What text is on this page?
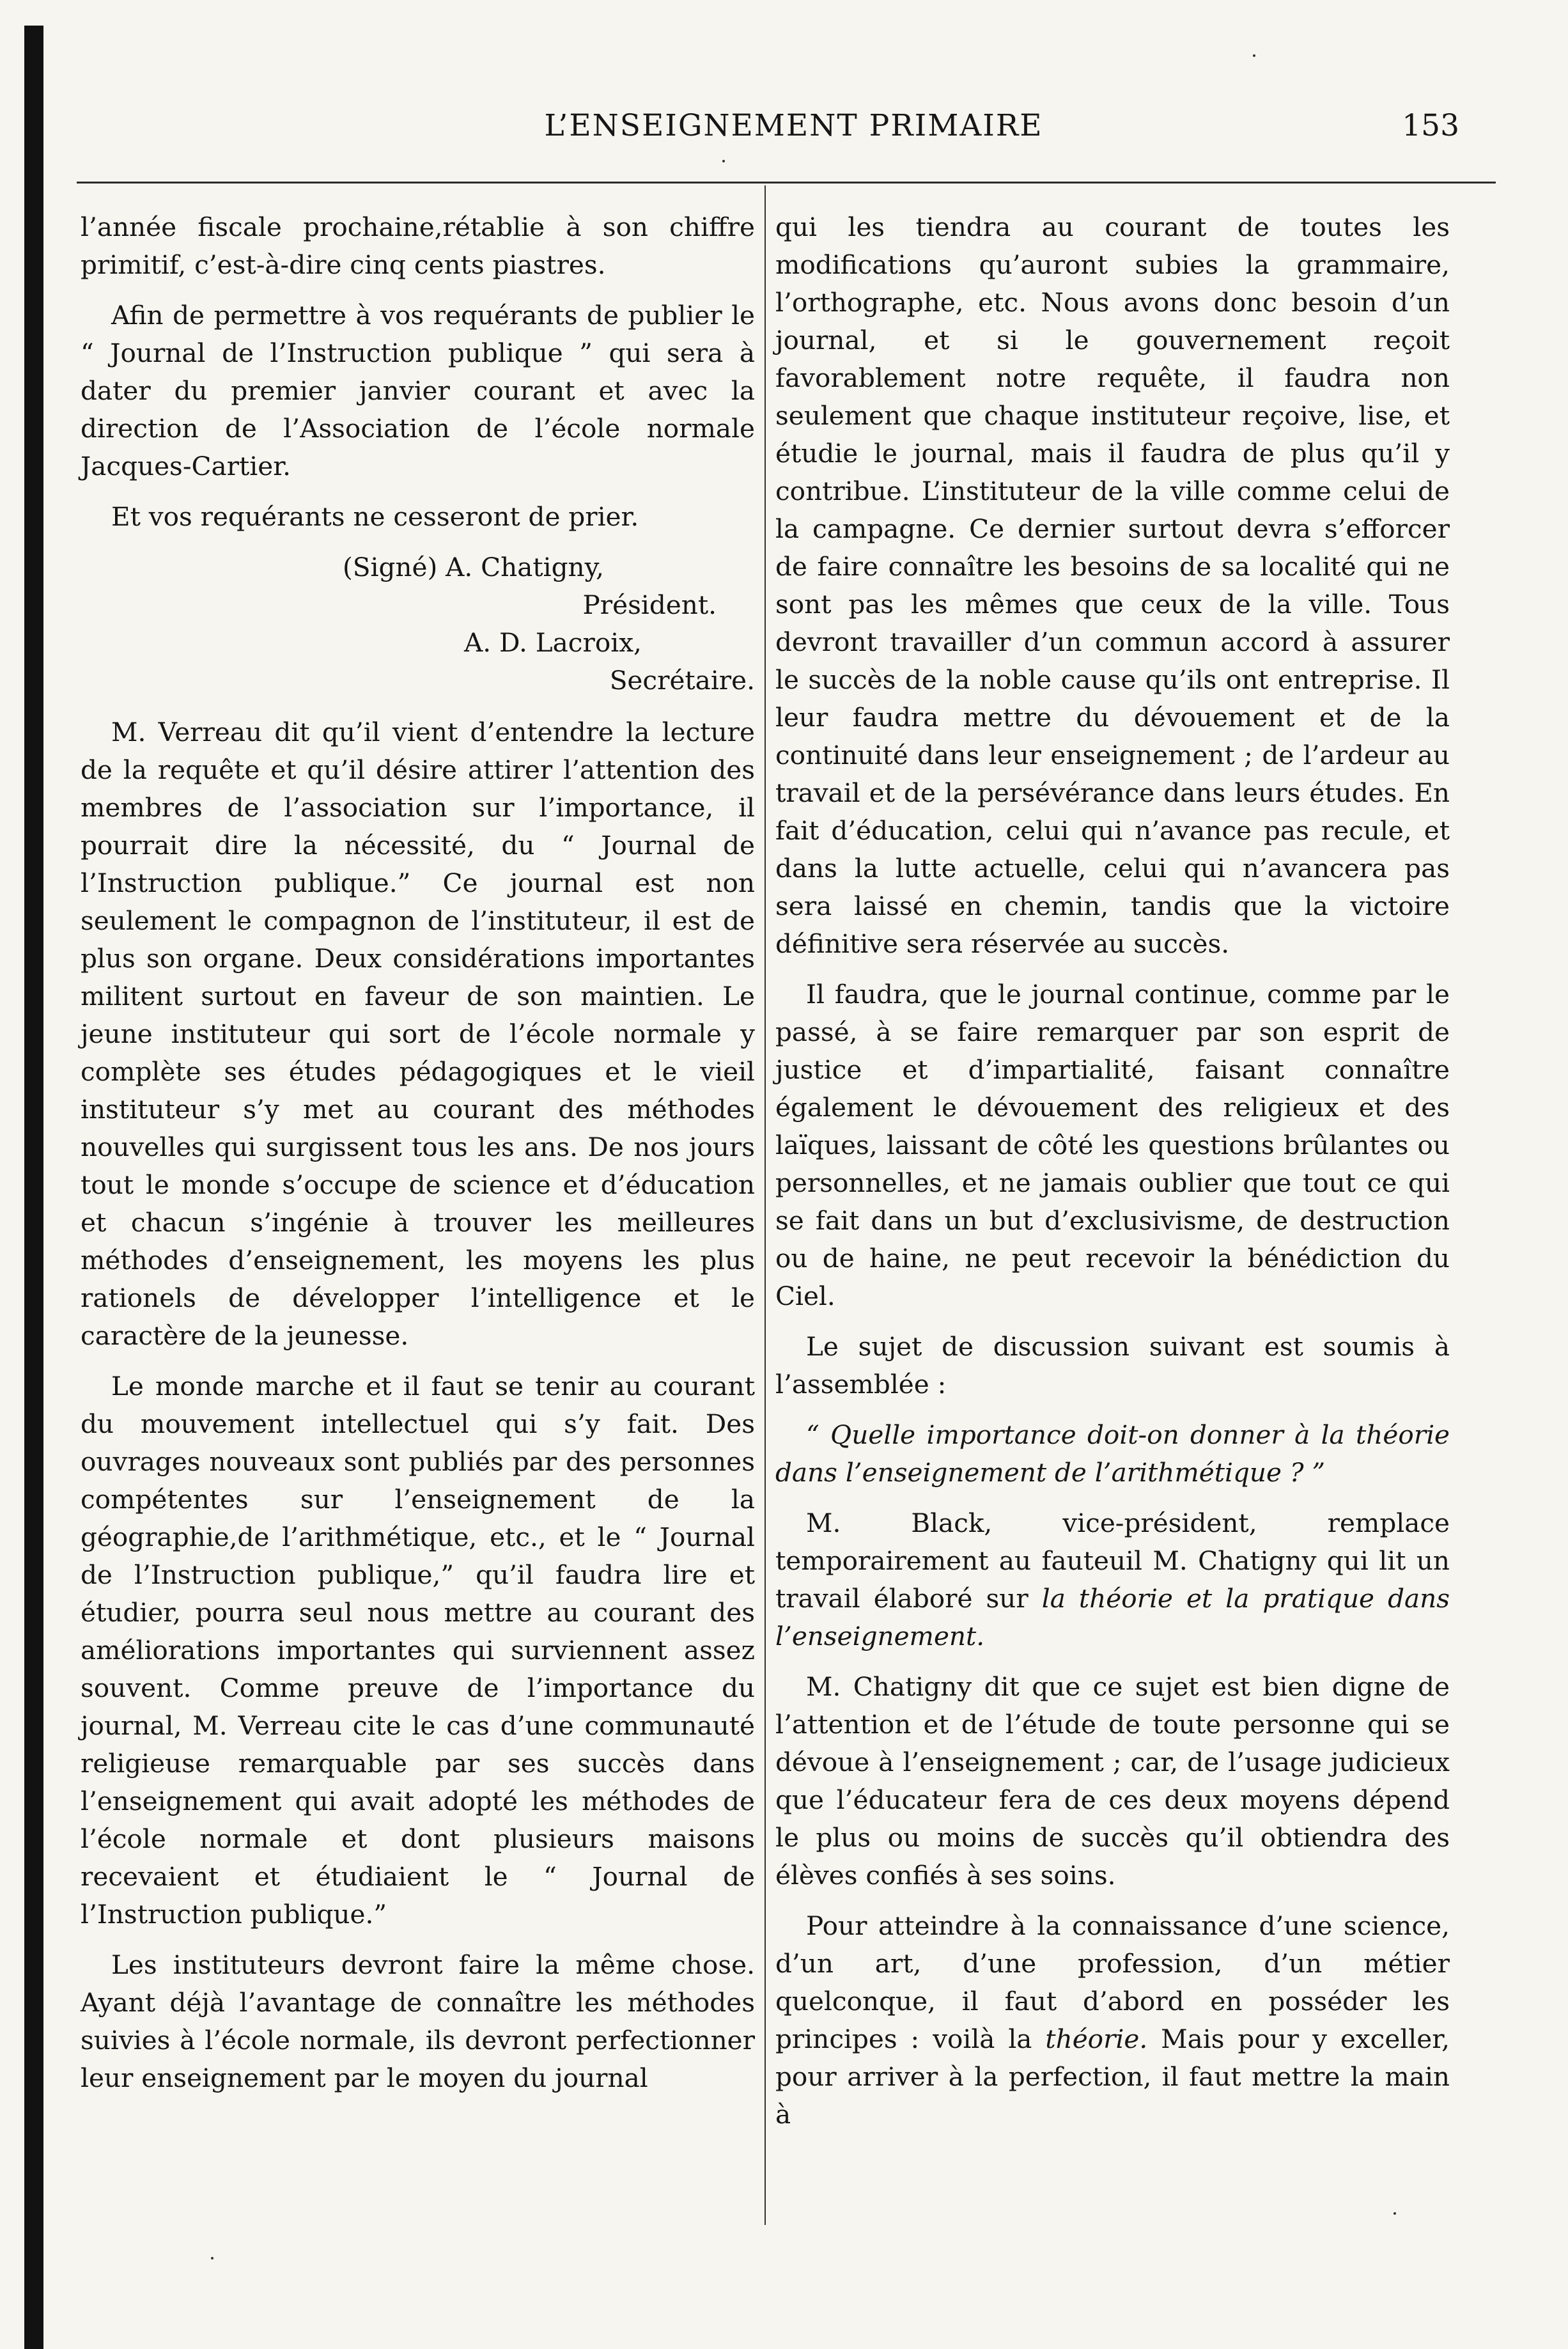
L’ENSEIGNEMENT PRIMAIRE	153

l’année fiscale prochaine,rétablie à son chiffre primitif, c’est-à-dire cinq cents piastres.

Afin de permettre à vos requérants de publier le “ Journal de l’Instruction publique ” qui sera à dater du premier janvier courant et avec la direction de l’Association de l’école normale Jacques-Cartier.

Et vos requérants ne cesseront de prier.

(Signé) A. Chatigny,
Président.
A. D. Lacroix,
Secrétaire.

M. Verreau dit qu’il vient d’entendre la lecture de la requête et qu’il désire attirer l’attention des membres de l’association sur l’importance, il pourrait dire la nécessité, du “ Journal de l’Instruction publique.” Ce journal est non seulement le compagnon de l’instituteur, il est de plus son organe. Deux considérations importantes militent surtout en faveur de son maintien. Le jeune instituteur qui sort de l’école normale y complète ses études pédagogiques et le vieil instituteur s’y met au courant des méthodes nouvelles qui surgissent tous les ans. De nos jours tout le monde s’occupe de science et d’éducation et chacun s’ingénie à trouver les meilleures méthodes d’enseignement, les moyens les plus rationels de développer l’intelligence et le caractère de la jeunesse.

Le monde marche et il faut se tenir au courant du mouvement intellectuel qui s’y fait. Des ouvrages nouveaux sont publiés par des personnes compétentes sur l’enseignement de la géographie,de l’arithmétique, etc., et le “ Journal de l’Instruction publique,” qu’il faudra lire et étudier, pourra seul nous mettre au courant des améliorations importantes qui surviennent assez souvent. Comme preuve de l’importance du journal, M. Verreau cite le cas d’une communauté religieuse remarquable par ses succès dans l’enseignement qui avait adopté les méthodes de l’école normale et dont plusieurs maisons recevaient et étudiaient le “ Journal de l’Instruction publique.”

Les instituteurs devront faire la même chose. Ayant déjà l’avantage de connaître les méthodes suivies à l’école normale, ils devront perfectionner leur enseignement par le moyen du journal

qui les tiendra au courant de toutes les modifications qu’auront subies la grammaire, l’orthographe, etc. Nous avons donc besoin d’un journal, et si le gouvernement reçoit favorablement notre requête, il faudra non seulement que chaque instituteur reçoive, lise, et étudie le journal, mais il faudra de plus qu’il y contribue. L’instituteur de la ville comme celui de la campagne. Ce dernier surtout devra s’efforcer de faire connaître les besoins de sa localité qui ne sont pas les mêmes que ceux de la ville. Tous devront travailler d’un commun accord à assurer le succès de la noble cause qu’ils ont entreprise. Il leur faudra mettre du dévouement et de la continuité dans leur enseignement ; de l’ardeur au travail et de la persévérance dans leurs études. En fait d’éducation, celui qui n’avance pas recule, et dans la lutte actuelle, celui qui n’avancera pas sera laissé en chemin, tandis que la victoire définitive sera réservée au succès.

Il faudra, que le journal continue, comme par le passé, à se faire remarquer par son esprit de justice et d’impartialité, faisant connaître également le dévouement des religieux et des laïques, laissant de côté les questions brûlantes ou personnelles, et ne jamais oublier que tout ce qui se fait dans un but d’exclusivisme, de destruction ou de haine, ne peut recevoir la bénédiction du Ciel.

Le sujet de discussion suivant est soumis à l’assemblée :

“ Quelle importance doit-on donner à la théorie dans l’enseignement de l’arithmétique ? ”

M. Black, vice-président, remplace temporairement au fauteuil M. Chatigny qui lit un travail élaboré sur la théorie et la pratique dans l’enseignement.

M. Chatigny dit que ce sujet est bien digne de l’attention et de l’étude de toute personne qui se dévoue à l’enseignement ; car, de l’usage judicieux que l’éducateur fera de ces deux moyens dépend le plus ou moins de succès qu’il obtiendra des élèves confiés à ses soins.

Pour atteindre à la connaissance d’une science, d’un art, d’une profession, d’un métier quelconque, il faut d’abord en posséder les principes : voilà la théorie. Mais pour y exceller, pour arriver à la perfection, il faut mettre la main à
